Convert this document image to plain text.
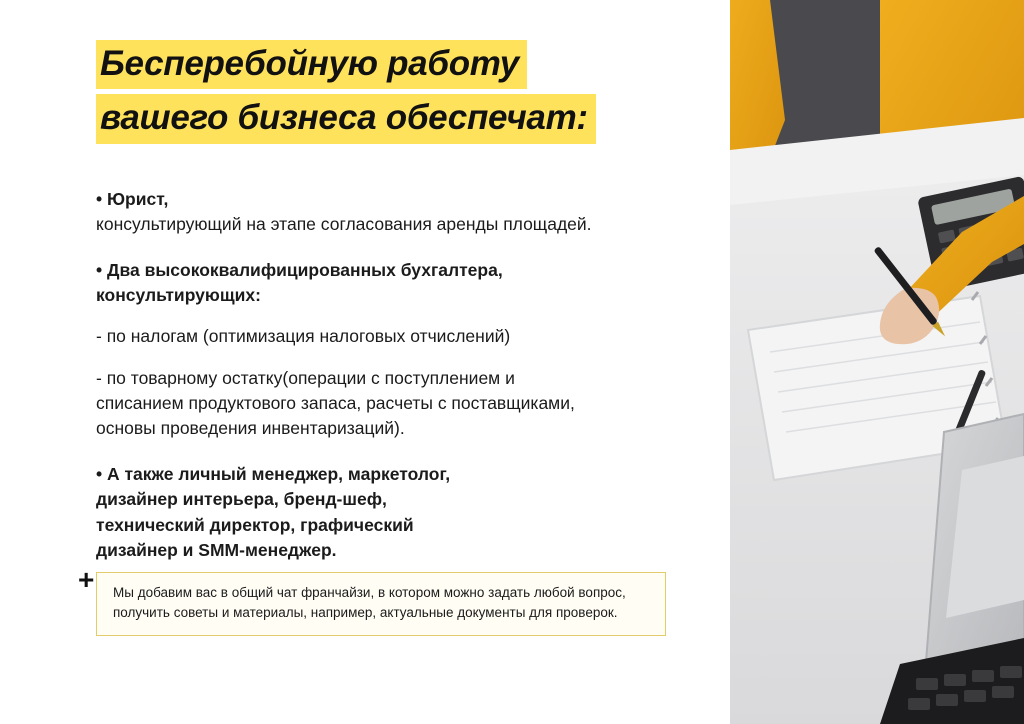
Бесперебойную работу
вашего бизнеса обеспечат:

• Юрист,

консультирующий на этапе согласования аренды площадей.

• Два высококвалифицированных бухгалтера,

консультирующих:

- по налогам (оптимизация налоговых отчислений)

- по товарному остатку(операции с поступлением и

списанием продуктового запаса, расчеты с поставщиками,

основы проведения инвентаризаций).

• А также личный менеджер, маркетолог,

дизайнер интерьера, бренд-шеф,

технический директор, графический

дизайнер и SMM-менеджер.

+ Мы добавим вас в общий чат франчайзи, в котором можно задать любой вопрос,

получить советы и материалы, например, актуальные документы для проверок.
